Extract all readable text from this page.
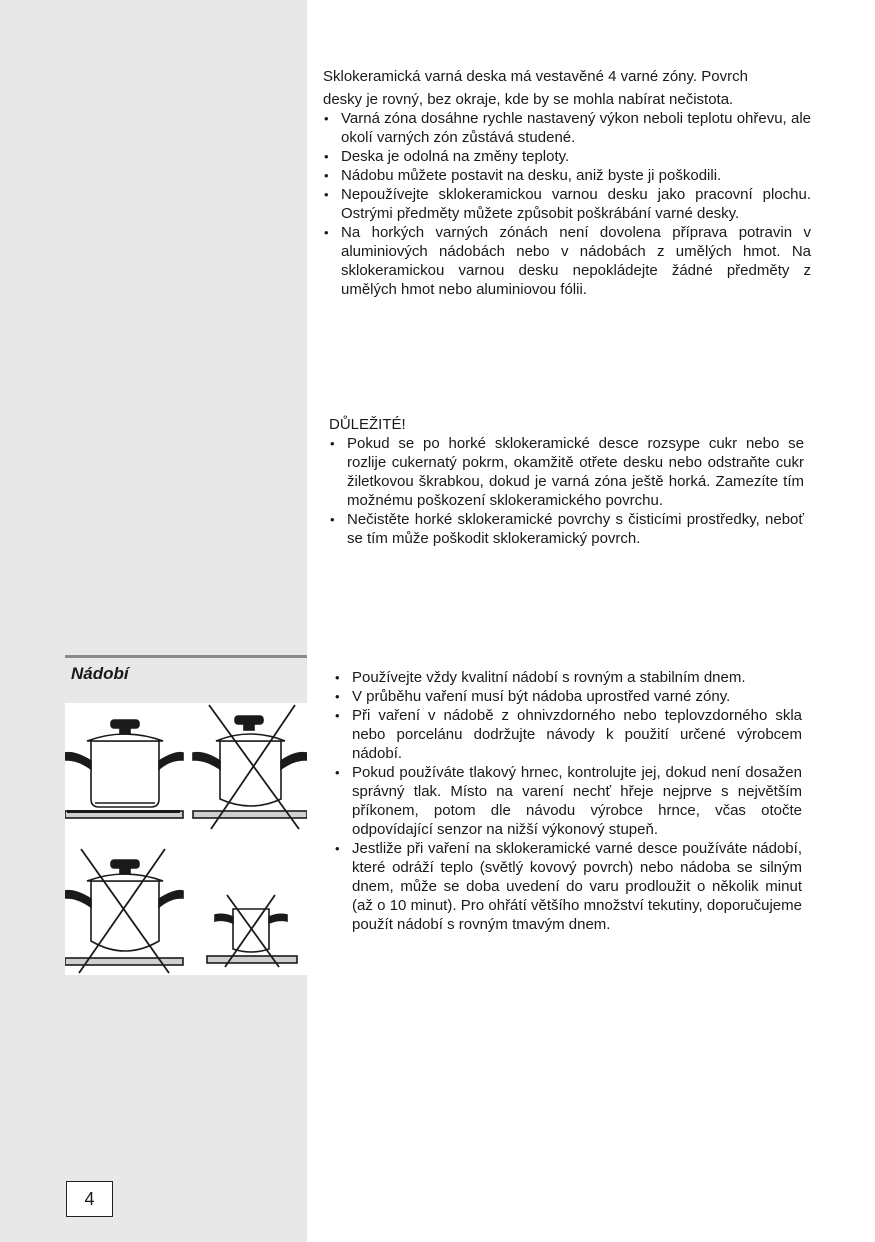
Sklokeramická varná deska má vestavěné 4 varné zóny. Povrch

desky je rovný, bez okraje, kde by se mohla nabírat nečistota.

• Varná zóna dosáhne rychle nastavený výkon neboli teplotu ohřevu, ale okolí varných zón zůstává studené.
• Deska je odolná na změny teploty.
• Nádobu můžete postavit na desku, aniž byste ji poškodili.
• Nepoužívejte sklokeramickou varnou desku jako pracovní plochu. Ostrými předměty můžete způsobit poškrábání varné desky.
• Na horkých varných zónách není dovolena příprava potravin v aluminiových nádobách nebo v nádobách z umělých hmot. Na sklokeramickou varnou desku nepokládejte žádné předměty z umělých hmot nebo aluminiovou fólii.

DŮLEŽITÉ!

• Pokud se po horké sklokeramické desce rozsype cukr nebo se rozlije cukernatý pokrm, okamžitě otřete desku nebo odstraňte cukr žiletkovou škrabkou, dokud je varná zóna ještě horká. Zamezíte tím možnému poškození sklokeramického povrchu.
• Nečistěte horké sklokeramické povrchy s čisticími prostředky, neboť se tím může poškodit sklokeramický povrch.
Nádobí	• Používejte vždy kvalitní nádobí s rovným a stabilním dnem.
• V průběhu vaření musí být nádoba uprostřed varné zóny.
• Při vaření v nádobě z ohnivzdorného nebo teplovzdorného skla nebo porcelánu dodržujte návody k použití určené výrobcem nádobí.
• Pokud používáte tlakový hrnec, kontrolujte jej, dokud není dosažen správný tlak. Místo na varení nechť hřeje nejprve s největším příkonem, potom dle návodu výrobce hrnce, včas otočte odpovídající senzor na nižší výkonový stupeň.
• Jestliže při vaření na sklokeramické varné desce používáte nádobí, které odráží teplo (světlý kovový povrch) nebo nádoba se silným dnem, může se doba uvedení do varu prodloužit o několik minut (až o 10 minut). Pro ohřátí většího množství tekutiny, doporučujeme použít nádobí s rovným tmavým dnem.
4
